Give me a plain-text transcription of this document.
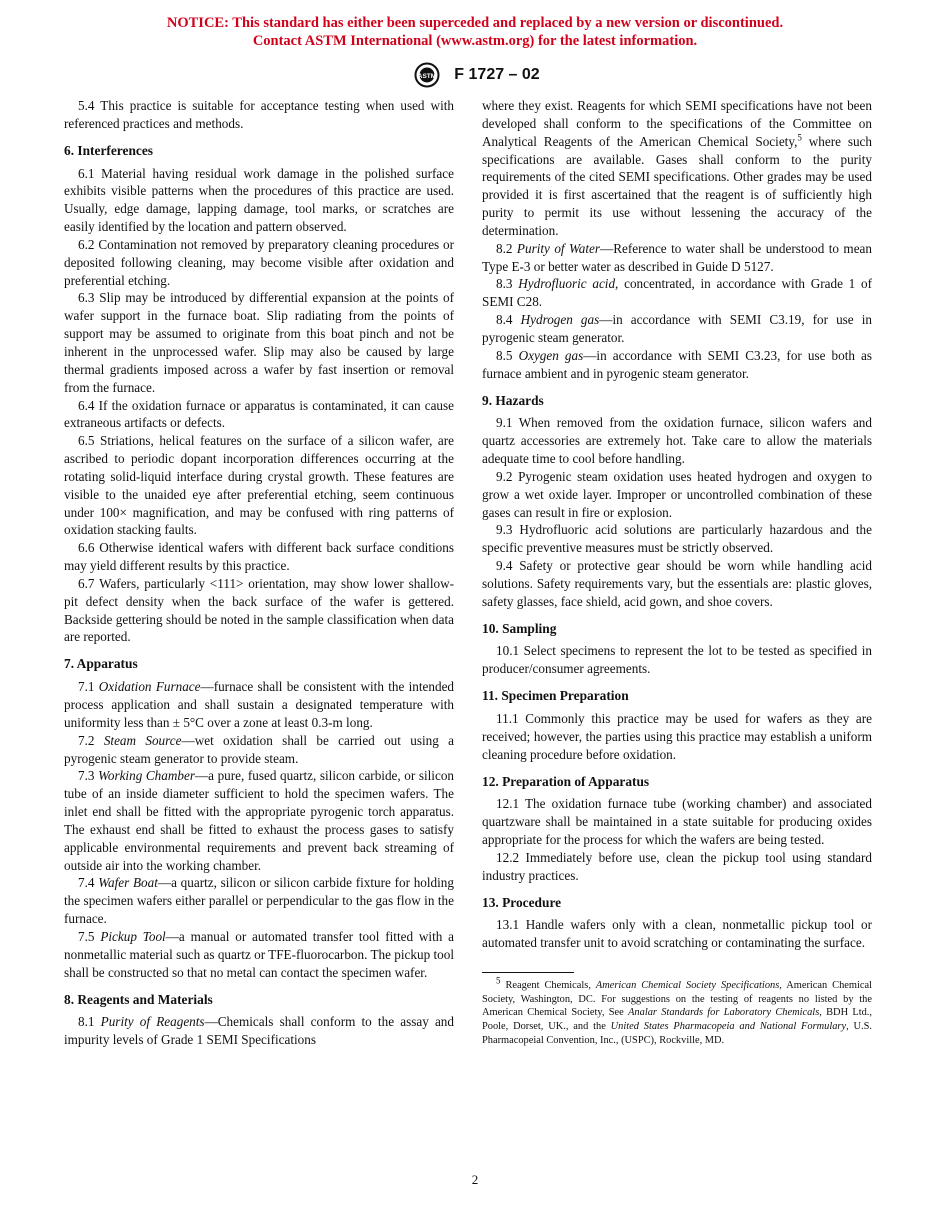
NOTICE: This standard has either been superceded and replaced by a new version or discontinued.
Contact ASTM International (www.astm.org) for the latest information.
ASTM F 1727 – 02

5.4 This practice is suitable for acceptance testing when used with referenced practices and methods.

6. Interferences

6.1 Material having residual work damage in the polished surface exhibits visible patterns when the procedures of this practice are used. Usually, edge damage, lapping damage, tool marks, or scratches are easily identified by the location and pattern observed.

6.2 Contamination not removed by preparatory cleaning procedures or deposited following cleaning, may become visible after oxidation and preferential etching.

6.3 Slip may be introduced by differential expansion at the points of wafer support in the furnace boat. Slip radiating from the points of support may be assumed to originate from this boat pinch and not be inherent in the unprocessed wafer. Slip may also be caused by large thermal gradients imposed across a wafer by fast insertion or removal from the furnace.

6.4 If the oxidation furnace or apparatus is contaminated, it can cause extraneous artifacts or defects.

6.5 Striations, helical features on the surface of a silicon wafer, are ascribed to periodic dopant incorporation differences occurring at the rotating solid-liquid interface during crystal growth. These features are visible to the unaided eye after preferential etching, seem continuous under 100× magnification, and may be confused with ring patterns of oxidation stacking faults.

6.6 Otherwise identical wafers with different back surface conditions may yield different results by this practice.

6.7 Wafers, particularly <111> orientation, may show lower shallow-pit defect density when the back surface of the wafer is gettered. Backside gettering should be noted in the sample classification when data are reported.

7. Apparatus

7.1 Oxidation Furnace—furnace shall be consistent with the intended process application and shall sustain a designated temperature with uniformity less than ± 5°C over a zone at least 0.3-m long.

7.2 Steam Source—wet oxidation shall be carried out using a pyrogenic steam generator to provide steam.

7.3 Working Chamber—a pure, fused quartz, silicon carbide, or silicon tube of an inside diameter sufficient to hold the specimen wafers. The inlet end shall be fitted with the appropriate pyrogenic torch apparatus. The exhaust end shall be fitted to exhaust the process gases to satisfy applicable environmental requirements and prevent back streaming of outside air into the working chamber.

7.4 Wafer Boat—a quartz, silicon or silicon carbide fixture for holding the specimen wafers either parallel or perpendicular to the gas flow in the furnace.

7.5 Pickup Tool—a manual or automated transfer tool fitted with a nonmetallic material such as quartz or TFE-fluorocarbon. The pickup tool shall be constructed so that no metal can contact the specimen wafer.

8. Reagents and Materials

8.1 Purity of Reagents—Chemicals shall conform to the assay and impurity levels of Grade 1 SEMI Specifications

where they exist. Reagents for which SEMI specifications have not been developed shall conform to the specifications of the Committee on Analytical Reagents of the American Chemical Society,$^5$ where such specifications are available. Gases shall conform to the purity requirements of the cited SEMI specifications. Other grades may be used provided it is first ascertained that the reagent is of sufficiently high purity to permit its use without lessening the accuracy of the determination.

8.2 Purity of Water—Reference to water shall be understood to mean Type E-3 or better water as described in Guide D 5127.

8.3 Hydrofluoric acid, concentrated, in accordance with Grade 1 of SEMI C28.

8.4 Hydrogen gas—in accordance with SEMI C3.19, for use in pyrogenic steam generator.

8.5 Oxygen gas—in accordance with SEMI C3.23, for use both as furnace ambient and in pyrogenic steam generator.

9. Hazards

9.1 When removed from the oxidation furnace, silicon wafers and quartz accessories are extremely hot. Take care to allow the materials adequate time to cool before handling.

9.2 Pyrogenic steam oxidation uses heated hydrogen and oxygen to grow a wet oxide layer. Improper or uncontrolled combination of these gases can result in fire or explosion.

9.3 Hydrofluoric acid solutions are particularly hazardous and the specific preventive measures must be strictly observed.

9.4 Safety or protective gear should be worn while handling acid solutions. Safety requirements vary, but the essentials are: plastic gloves, safety glasses, face shield, acid gown, and shoe covers.

10. Sampling

10.1 Select specimens to represent the lot to be tested as specified in producer/consumer agreements.

11. Specimen Preparation

11.1 Commonly this practice may be used for wafers as they are received; however, the parties using this practice may establish a uniform cleaning procedure before oxidation.

12. Preparation of Apparatus

12.1 The oxidation furnace tube (working chamber) and associated quartzware shall be maintained in a state suitable for producing oxides appropriate for the process for which the wafers are being tested.

12.2 Immediately before use, clean the pickup tool using standard industry practices.

13. Procedure

13.1 Handle wafers only with a clean, nonmetallic pickup tool or automated transfer unit to avoid scratching or contaminating the surface.

$^5$ Reagent Chemicals, American Chemical Society Specifications, American Chemical Society, Washington, DC. For suggestions on the testing of reagents no listed by the American Chemical Society, See Analar Standards for Laboratory Chemicals, BDH Ltd., Poole, Dorset, UK., and the United States Pharmacopeia and National Formulary, U.S. Pharmacopeial Convention, Inc., (USPC), Rockville, MD.

2
